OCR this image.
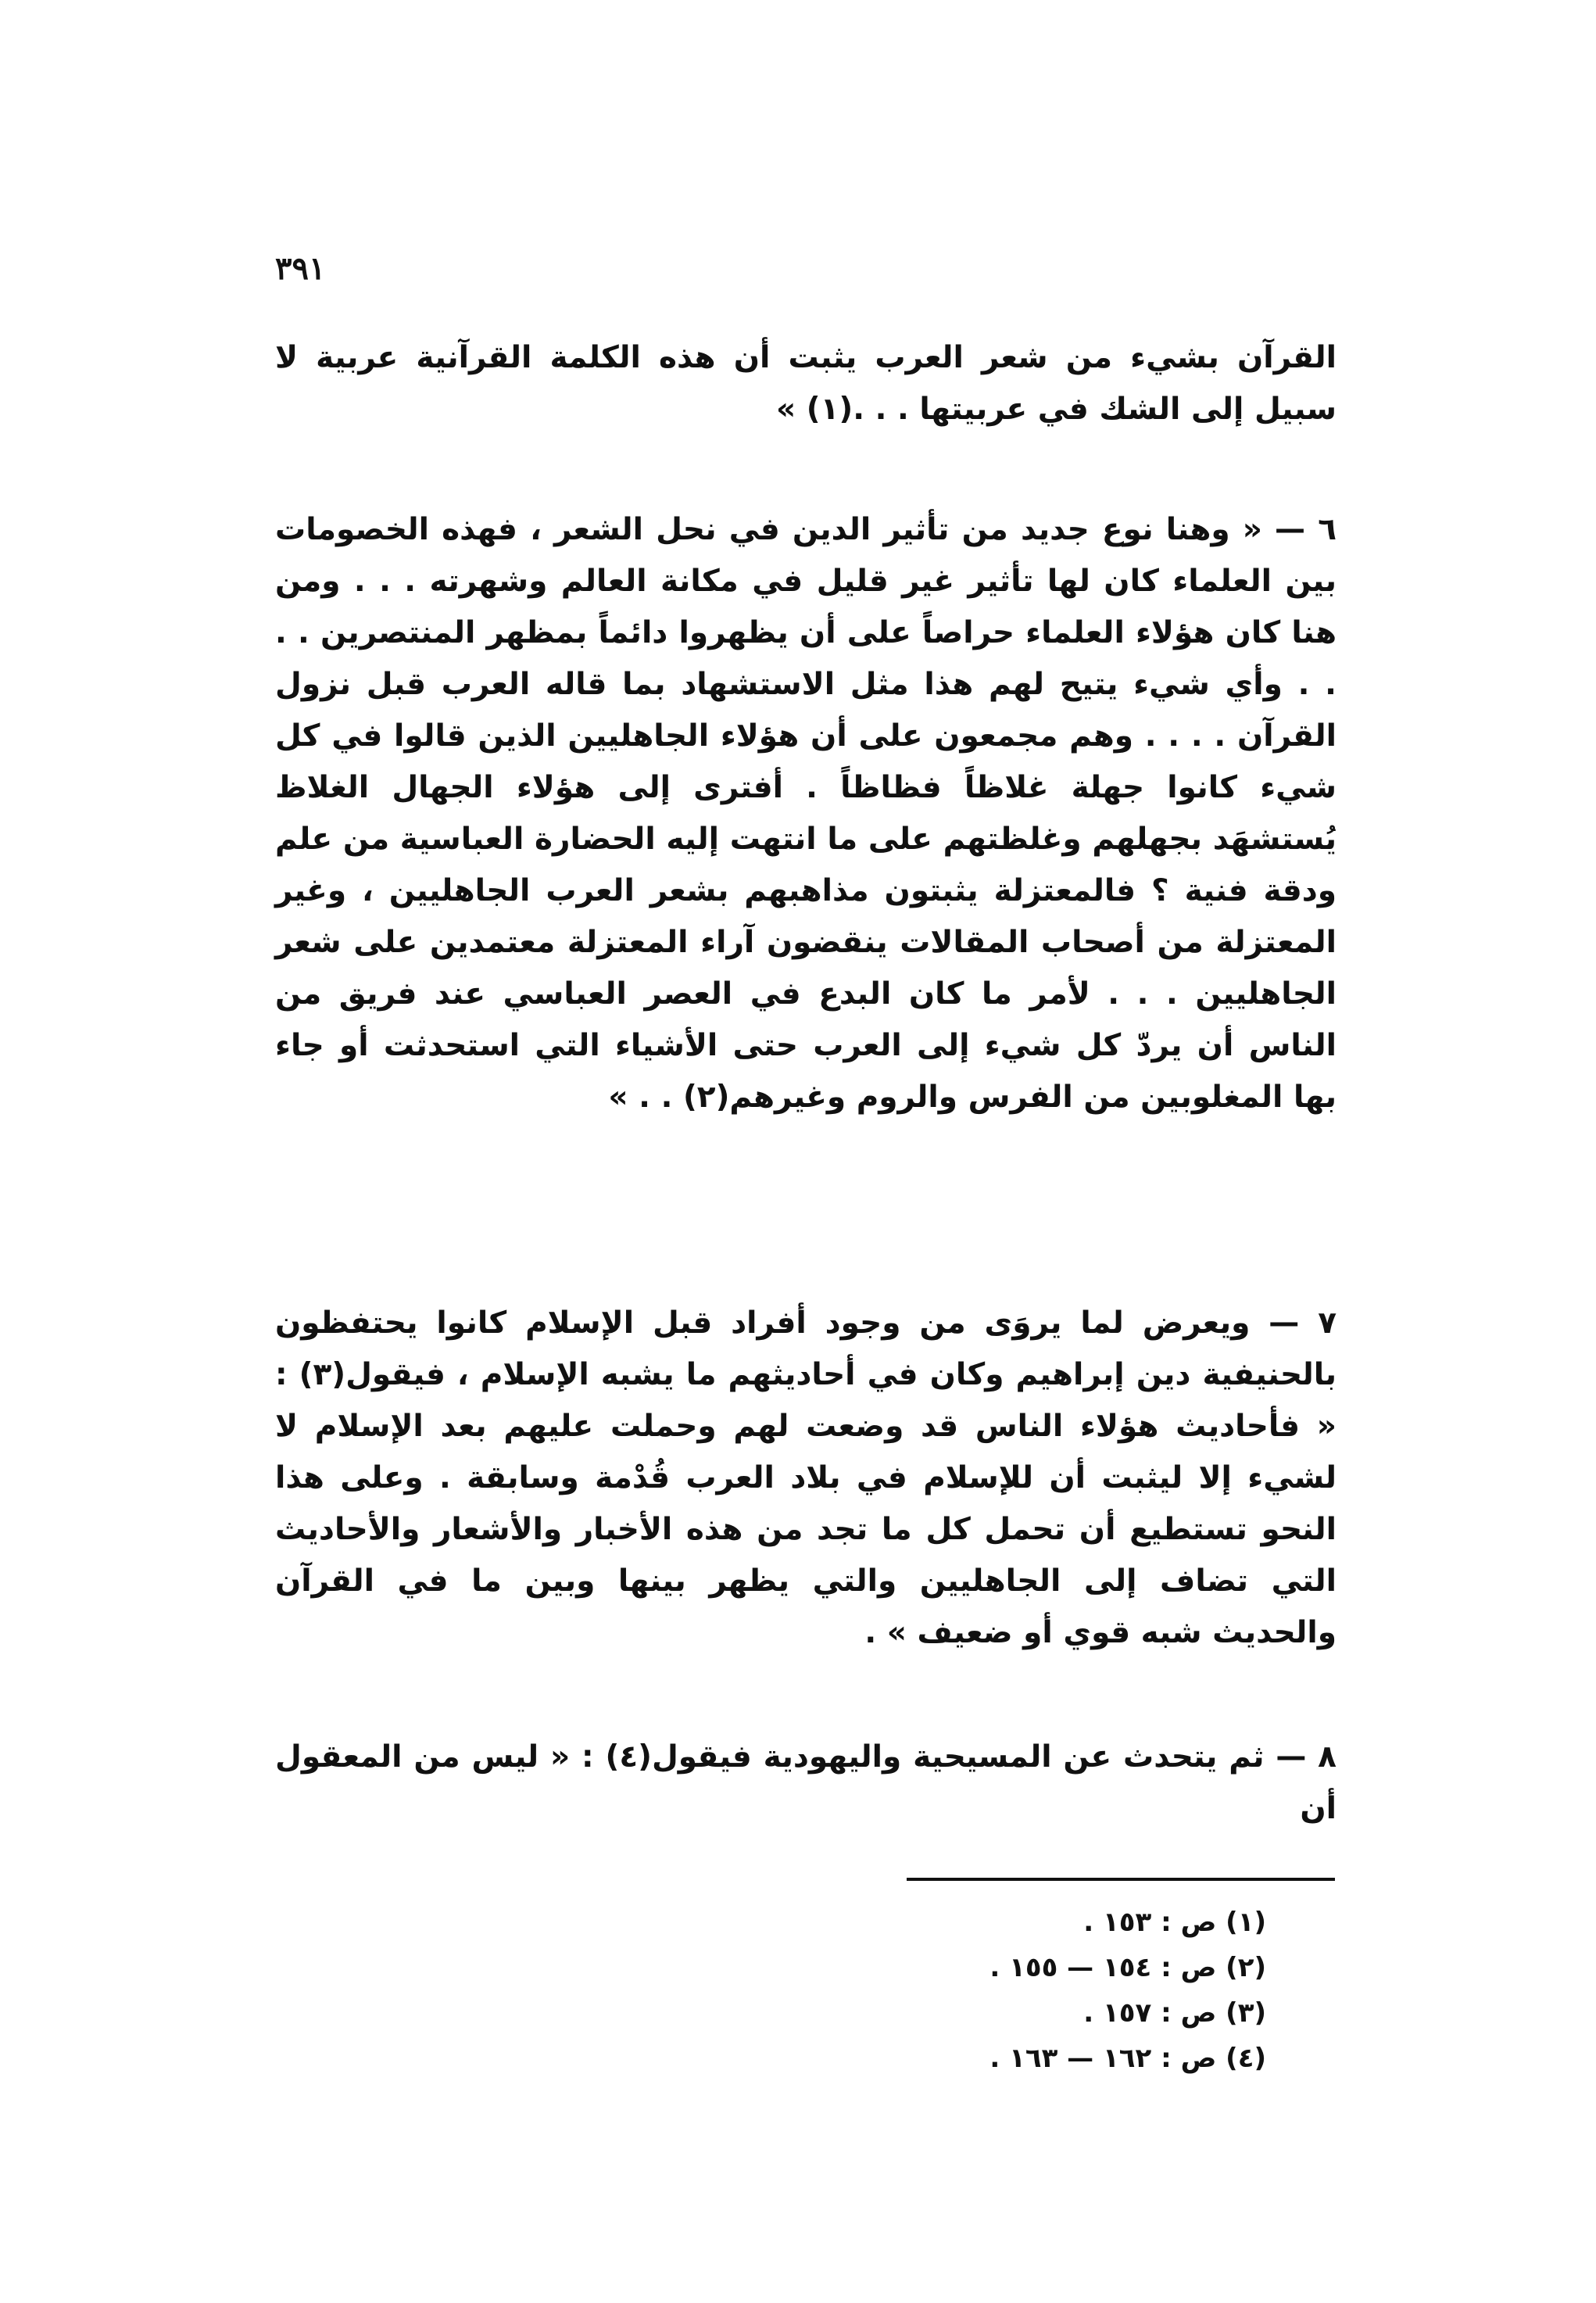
٣٩١

القرآن بشيء من شعر العرب يثبت أن هذه الكلمة القرآنية عربية لا سبيل إلى الشك في عربيتها . . .(١) »

٦ — « وهنا نوع جديد من تأثير الدين في نحل الشعر ، فهذه الخصومات بين العلماء كان لها تأثير غير قليل في مكانة العالم وشهرته . . . ومن هنا كان هؤلاء العلماء حراصاً على أن يظهروا دائماً بمظهر المنتصرين . . . . وأي شيء يتيح لهم هذا مثل الاستشهاد بما قاله العرب قبل نزول القرآن . . . . وهم مجمعون على أن هؤلاء الجاهليين الذين قالوا في كل شيء كانوا جهلة غلاظاً فظاظاً . أفترى إلى هؤلاء الجهال الغلاظ يُستشهَد بجهلهم وغلظتهم على ما انتهت إليه الحضارة العباسية من علم ودقة فنية ؟ فالمعتزلة يثبتون مذاهبهم بشعر العرب الجاهليين ، وغير المعتزلة من أصحاب المقالات ينقضون آراء المعتزلة معتمدين على شعر الجاهليين . . . لأمر ما كان البدع في العصر العباسي عند فريق من الناس أن يردّ كل شيء إلى العرب حتى الأشياء التي استحدثت أو جاء بها المغلوبين من الفرس والروم وغيرهم(٢) . . »

٧ — ويعرض لما يروَى من وجود أفراد قبل الإسلام كانوا يحتفظون بالحنيفية دين إبراهيم وكان في أحاديثهم ما يشبه الإسلام ، فيقول(٣) : « فأحاديث هؤلاء الناس قد وضعت لهم وحملت عليهم بعد الإسلام لا لشيء إلا ليثبت أن للإسلام في بلاد العرب قُدْمة وسابقة . وعلى هذا النحو تستطيع أن تحمل كل ما تجد من هذه الأخبار والأشعار والأحاديث التي تضاف إلى الجاهليين والتي يظهر بينها وبين ما في القرآن والحديث شبه قوي أو ضعيف » .

٨ — ثم يتحدث عن المسيحية واليهودية فيقول(٤) : « ليس من المعقول أن

(١) ص : ١٥٣ .

(٢) ص : ١٥٤ — ١٥٥ .

(٣) ص : ١٥٧ .

(٤) ص : ١٦٢ — ١٦٣ .
